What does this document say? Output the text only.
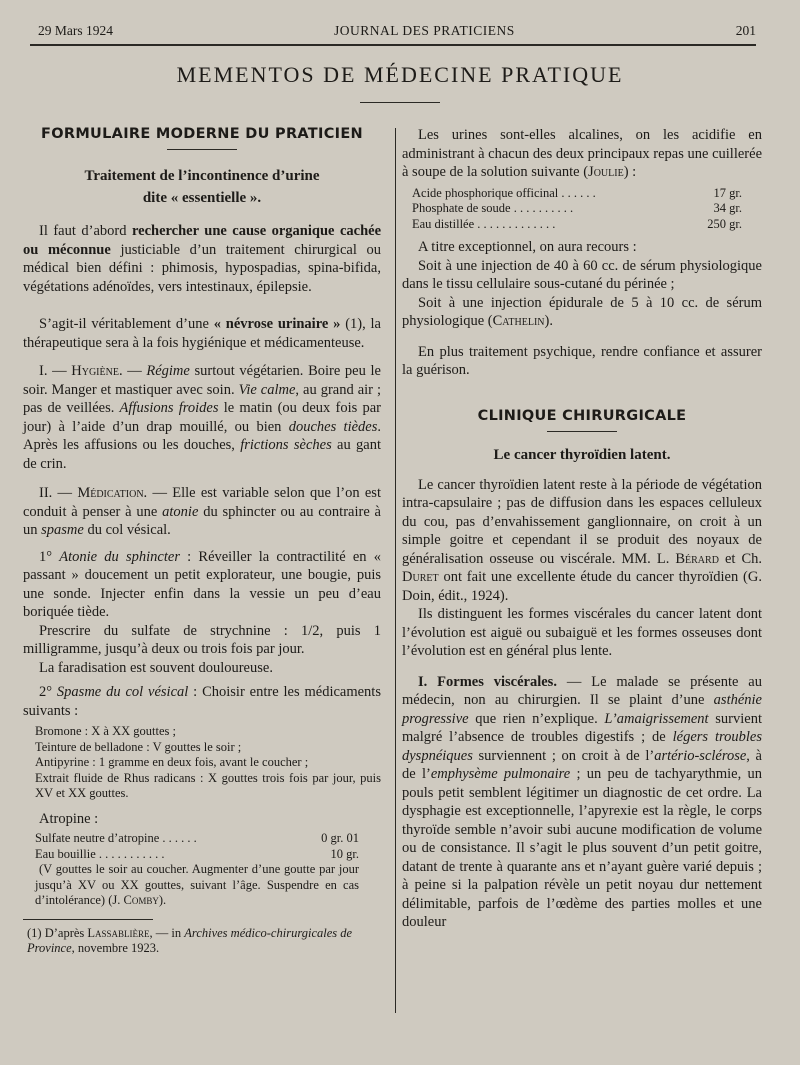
29 Mars 1924	JOURNAL DES PRATICIENS	201
MEMENTOS DE MÉDECINE PRATIQUE
FORMULAIRE MODERNE DU PRATICIEN

Traitement de l’incontinence d’urine

dite « essentielle ».

Il faut d’abord rechercher une cause organique cachée ou méconnue justiciable d’un traitement chirurgical ou médical bien défini : phimosis, hypospadias, spina-bifida, végétations adénoïdes, vers intestinaux, épilepsie.

S’agit-il véritablement d’une « névrose urinaire » (1), la thérapeutique sera à la fois hygiénique et médicamenteuse.

I. — Hygiène. — Régime surtout végétarien. Boire peu le soir. Manger et mastiquer avec soin. Vie calme, au grand air ; pas de veillées. Affusions froides le matin (ou deux fois par jour) à l’aide d’un drap mouillé, ou bien douches tièdes. Après les affusions ou les douches, frictions sèches au gant de crin.

II. — Médication. — Elle est variable selon que l’on est conduit à penser à une atonie du sphincter ou au contraire à un spasme du col vésical.

1° Atonie du sphincter : Réveiller la contractilité en « passant » doucement un petit explorateur, une bougie, puis une sonde. Injecter enfin dans la vessie un peu d’eau boriquée tiède.

Prescrire du sulfate de strychnine : 1/2, puis 1 milligramme, jusqu’à deux ou trois fois par jour.

La faradisation est souvent douloureuse.

2° Spasme du col vésical : Choisir entre les médicaments suivants :

Bromone : X à XX gouttes ;

Teinture de belladone : V gouttes le soir ;

Antipyrine : 1 gramme en deux fois, avant le coucher ;

Extrait fluide de Rhus radicans : X gouttes trois fois par jour, puis XV et XX gouttes.

Atropine :

Sulfate neutre d’atropine . . . . . .	0 gr. 01
Eau bouillie . . . . . . . . . . .	10 gr.

(V gouttes le soir au coucher. Augmenter d’une goutte par jour jusqu’à XV ou XX gouttes, suivant l’âge. Suspendre en cas d’intolérance) (J. Comby).

(1) D’après Lassablière, — in Archives médico-chirurgicales de Province, novembre 1923.

Les urines sont-elles alcalines, on les acidifie en administrant à chacun des deux principaux repas une cuillerée à soupe de la solution suivante (Joulie) :

Acide phosphorique officinal . . . . . .	17 gr.
Phosphate de soude . . . . . . . . . .	34 gr.
Eau distillée . . . . . . . . . . . . .	250 gr.

A titre exceptionnel, on aura recours :

Soit à une injection de 40 à 60 cc. de sérum physiologique dans le tissu cellulaire sous-cutané du périnée ;

Soit à une injection épidurale de 5 à 10 cc. de sérum physiologique (Cathelin).

En plus traitement psychique, rendre confiance et assurer la guérison.

CLINIQUE CHIRURGICALE

Le cancer thyroïdien latent.

Le cancer thyroïdien latent reste à la période de végétation intra-capsulaire ; pas de diffusion dans les espaces celluleux du cou, pas d’envahissement ganglionnaire, on croit à un simple goitre et cependant il se produit des noyaux de généralisation osseuse ou viscérale. MM. L. Bérard et Ch. Duret ont fait une excellente étude du cancer thyroïdien (G. Doin, édit., 1924).

Ils distinguent les formes viscérales du cancer latent dont l’évolution est aiguë ou subaiguë et les formes osseuses dont l’évolution est en général plus lente.

I. Formes viscérales. — Le malade se présente au médecin, non au chirurgien. Il se plaint d’une asthénie progressive que rien n’explique. L’amaigrissement survient malgré l’absence de troubles digestifs ; de légers troubles dyspnéiques surviennent ; on croit à de l’artério-sclérose, à de l’emphysème pulmonaire ; un peu de tachyarythmie, un pouls petit semblent légitimer un diagnostic de cet ordre. La dysphagie est exceptionnelle, l’apyrexie est la règle, le corps thyroïde semble n’avoir subi aucune modification de volume ou de consistance. Il s’agit le plus souvent d’un petit goitre, datant de trente à quarante ans et n’ayant guère varié depuis ; à peine si la palpation révèle un petit noyau dur nettement délimitable, parfois de l’œdème des parties molles et une douleur
